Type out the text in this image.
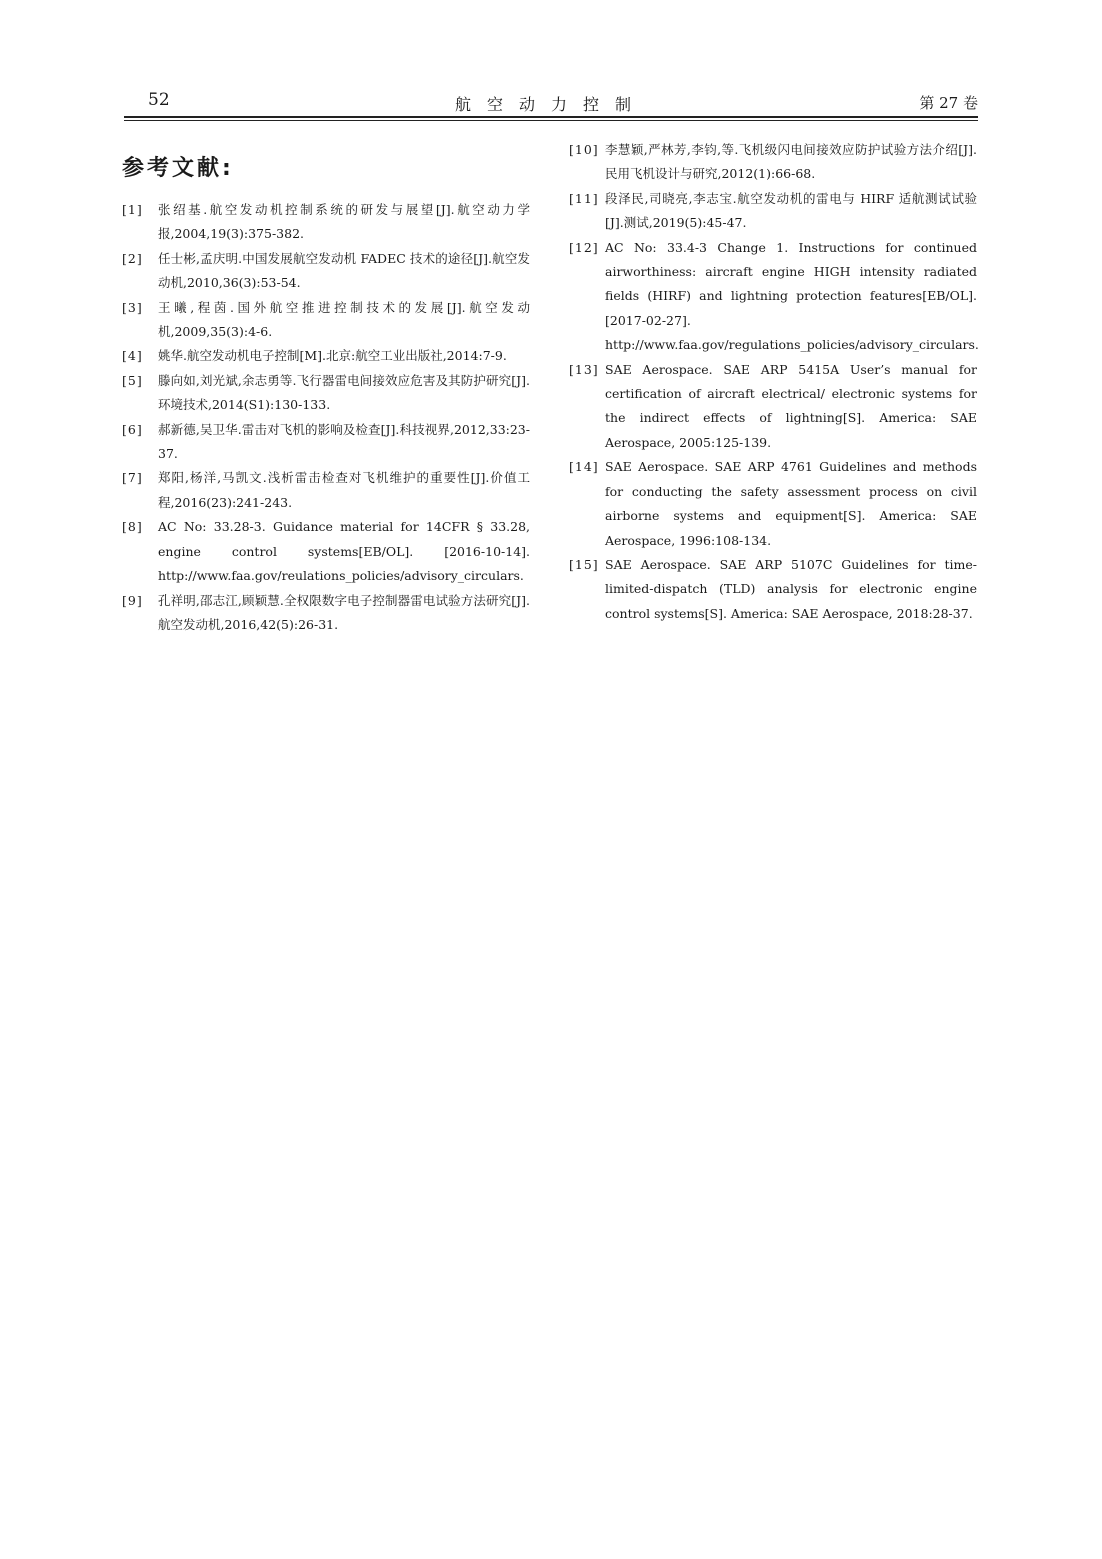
52	航空动力控制	第 27 卷
参考文献:
[1] 张绍基.航空发动机控制系统的研发与展望[J].航空动力学报,2004,19(3):375-382.
[2] 任士彬,孟庆明.中国发展航空发动机 FADEC 技术的途径[J].航空发动机,2010,36(3):53-54.
[3] 王曦,程茵.国外航空推进控制技术的发展[J].航空发动机,2009,35(3):4-6.
[4] 姚华.航空发动机电子控制[M].北京:航空工业出版社,2014:7-9.
[5] 滕向如,刘光斌,余志勇等.飞行器雷电间接效应危害及其防护研究[J].环境技术,2014(S1):130-133.
[6] 郝新德,吴卫华.雷击对飞机的影响及检查[J].科技视界,2012,33:23-37.
[7] 郑阳,杨洋,马凯文.浅析雷击检查对飞机维护的重要性[J].价值工程,2016(23):241-243.
[8] AC No: 33.28-3. Guidance material for 14CFR § 33.28, engine control systems[EB/OL]. [2016-10-14]. http://www.faa.gov/reulations_policies/advisory_circulars.
[9] 孔祥明,邵志江,顾颖慧.全权限数字电子控制器雷电试验方法研究[J].航空发动机,2016,42(5):26-31.
[10] 李慧颖,严林芳,李钧,等.飞机级闪电间接效应防护试验方法介绍[J].民用飞机设计与研究,2012(1):66-68.
[11] 段泽民,司晓亮,李志宝.航空发动机的雷电与 HIRF 适航测试试验[J].测试,2019(5):45-47.
[12] AC No: 33.4-3 Change 1. Instructions for continued airworthiness: aircraft engine HIGH intensity radiated fields (HIRF) and lightning protection features[EB/OL]. [2017-02-27]. http://www.faa.gov/regulations_policies/advisory_circulars.
[13] SAE Aerospace. SAE ARP 5415A User’s manual for certification of aircraft electrical/ electronic systems for the indirect effects of lightning[S]. America: SAE Aerospace, 2005:125-139.
[14] SAE Aerospace. SAE ARP 4761 Guidelines and methods for conducting the safety assessment process on civil airborne systems and equipment[S]. America: SAE Aerospace, 1996:108-134.
[15] SAE Aerospace. SAE ARP 5107C Guidelines for time-limited-dispatch (TLD) analysis for electronic engine control systems[S]. America: SAE Aerospace, 2018:28-37.
